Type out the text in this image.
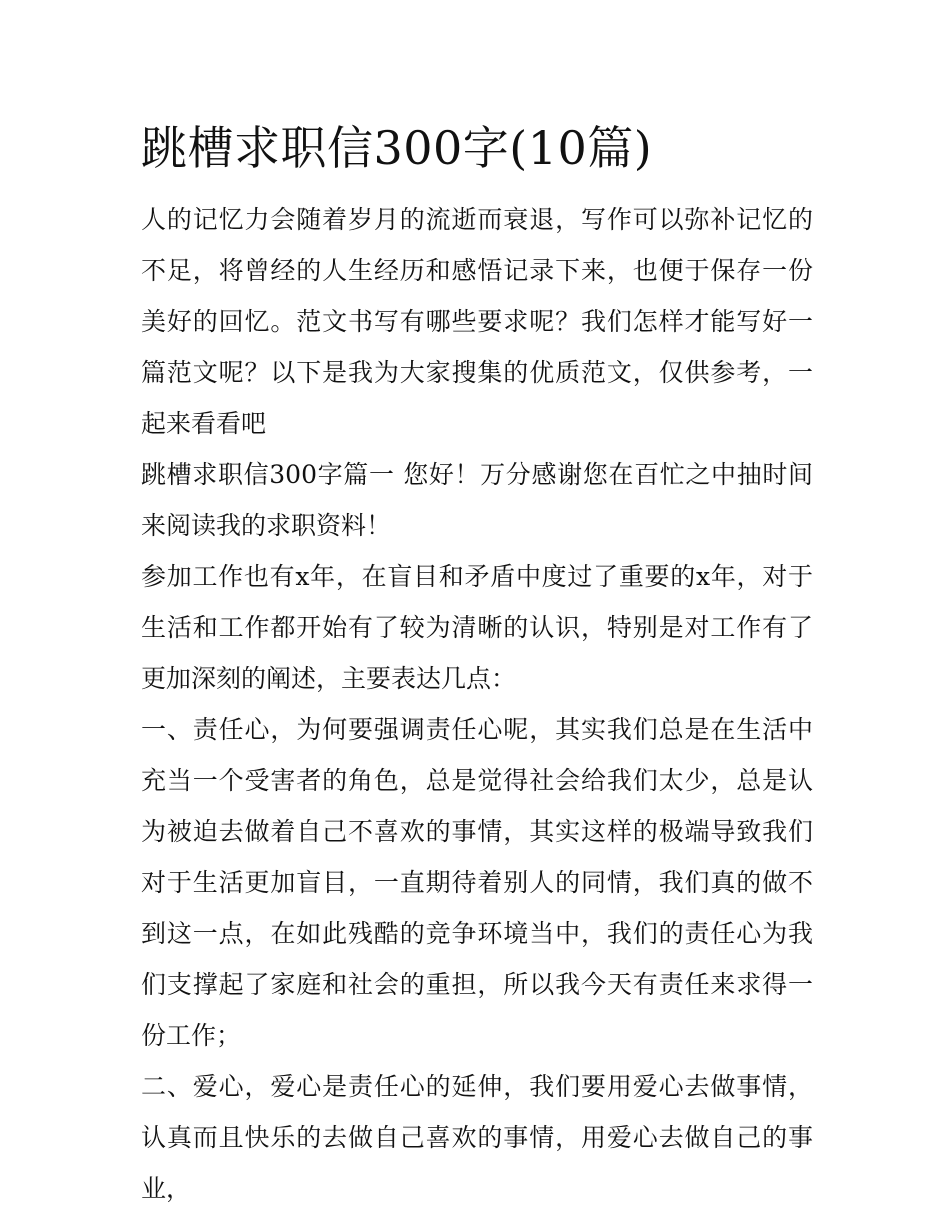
跳槽求职信300字(10篇)

人的记忆力会随着岁月的流逝而衰退，写作可以弥补记忆的不足，将曾经的人生经历和感悟记录下来，也便于保存一份美好的回忆。范文书写有哪些要求呢？我们怎样才能写好一篇范文呢？以下是我为大家搜集的优质范文，仅供参考，一起来看看吧

跳槽求职信300字篇一 您好！万分感谢您在百忙之中抽时间来阅读我的求职资料！

参加工作也有x年，在盲目和矛盾中度过了重要的x年，对于生活和工作都开始有了较为清晰的认识，特别是对工作有了更加深刻的阐述，主要表达几点：

一、责任心，为何要强调责任心呢，其实我们总是在生活中充当一个受害者的角色，总是觉得社会给我们太少，总是认为被迫去做着自己不喜欢的事情，其实这样的极端导致我们对于生活更加盲目，一直期待着别人的同情，我们真的做不到这一点，在如此残酷的竞争环境当中，我们的责任心为我们支撑起了家庭和社会的重担，所以我今天有责任来求得一份工作；

二、爱心，爱心是责任心的延伸，我们要用爱心去做事情，认真而且快乐的去做自己喜欢的事情，用爱心去做自己的事业，
